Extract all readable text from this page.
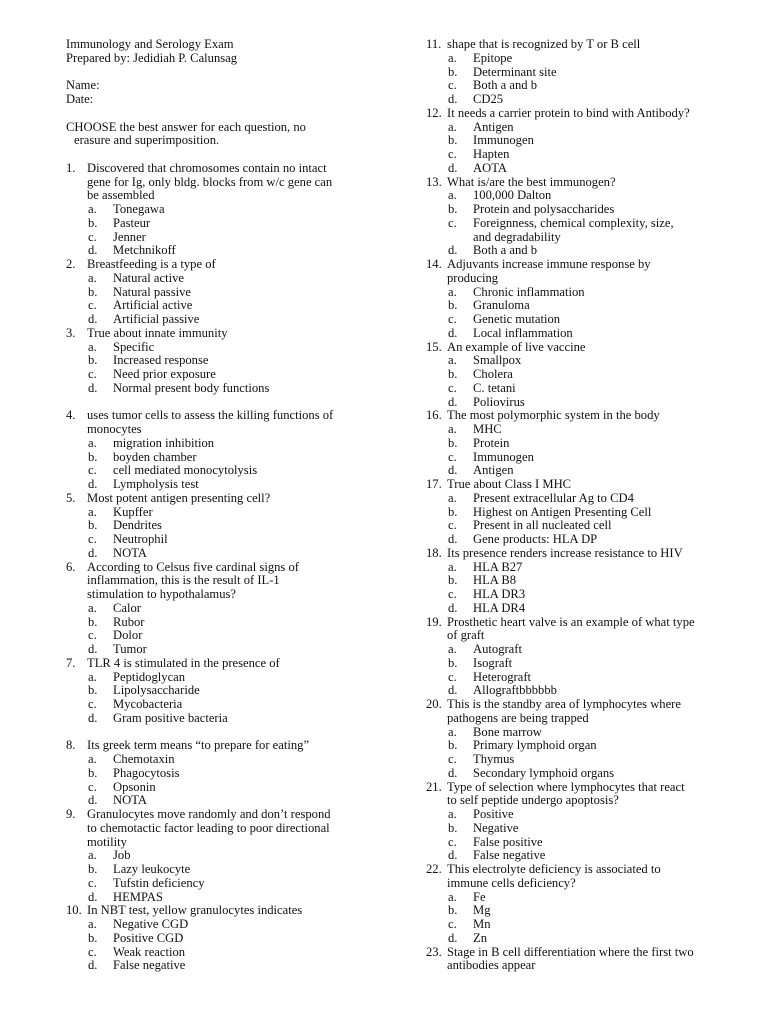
Immunology and Serology Exam
Prepared by: Jedidiah P. Calunsag
Name:
Date:
CHOOSE the best answer for each question, no
erasure and superimposition.
1. Discovered that chromosomes contain no intact
gene for Ig, only bldg. blocks from w/c gene can
be assembled
a. Tonegawa
b. Pasteur
c. Jenner
d. Metchnikoff
2. Breastfeeding is a type of
a. Natural active
b. Natural passive
c. Artificial active
d. Artificial passive
3. True about innate immunity
a. Specific
b. Increased response
c. Need prior exposure
d. Normal present body functions
4. uses tumor cells to assess the killing functions of
monocytes
a. migration inhibition
b. boyden chamber
c. cell mediated monocytolysis
d. Lympholysis test
5. Most potent antigen presenting cell?
a. Kupffer
b. Dendrites
c. Neutrophil
d. NOTA
6. According to Celsus five cardinal signs of
inflammation, this is the result of IL-1
stimulation to hypothalamus?
a. Calor
b. Rubor
c. Dolor
d. Tumor
7. TLR 4 is stimulated in the presence of
a. Peptidoglycan
b. Lipolysaccharide
c. Mycobacteria
d. Gram positive bacteria
8. Its greek term means “to prepare for eating”
a. Chemotaxin
b. Phagocytosis
c. Opsonin
d. NOTA
9. Granulocytes move randomly and don’t respond
to chemotactic factor leading to poor directional
motility
a. Job
b. Lazy leukocyte
c. Tufstin deficiency
d. HEMPAS
10. In NBT test, yellow granulocytes indicates
a. Negative CGD
b. Positive CGD
c. Weak reaction
d. False negative
11. shape that is recognized by T or B cell
a. Epitope
b. Determinant site
c. Both a and b
d. CD25
12. It needs a carrier protein to bind with Antibody?
a. Antigen
b. Immunogen
c. Hapten
d. AOTA
13. What is/are the best immunogen?
a. 100,000 Dalton
b. Protein and polysaccharides
c. Foreignness, chemical complexity, size,
and degradability
d. Both a and b
14. Adjuvants increase immune response by
producing
a. Chronic inflammation
b. Granuloma
c. Genetic mutation
d. Local inflammation
15. An example of live vaccine
a. Smallpox
b. Cholera
c. C. tetani
d. Poliovirus
16. The most polymorphic system in the body
a. MHC
b. Protein
c. Immunogen
d. Antigen
17. True about Class I MHC
a. Present extracellular Ag to CD4
b. Highest on Antigen Presenting Cell
c. Present in all nucleated cell
d. Gene products: HLA DP
18. Its presence renders increase resistance to HIV
a. HLA B27
b. HLA B8
c. HLA DR3
d. HLA DR4
19. Prosthetic heart valve is an example of what type
of graft
a. Autograft
b. Isograft
c. Heterograft
d. Allograftbbbbbb
20. This is the standby area of lymphocytes where
pathogens are being trapped
a. Bone marrow
b. Primary lymphoid organ
c. Thymus
d. Secondary lymphoid organs
21. Type of selection where lymphocytes that react
to self peptide undergo apoptosis?
a. Positive
b. Negative
c. False positive
d. False negative
22. This electrolyte deficiency is associated to
immune cells deficiency?
a. Fe
b. Mg
c. Mn
d. Zn
23. Stage in B cell differentiation where the first two
antibodies appear
